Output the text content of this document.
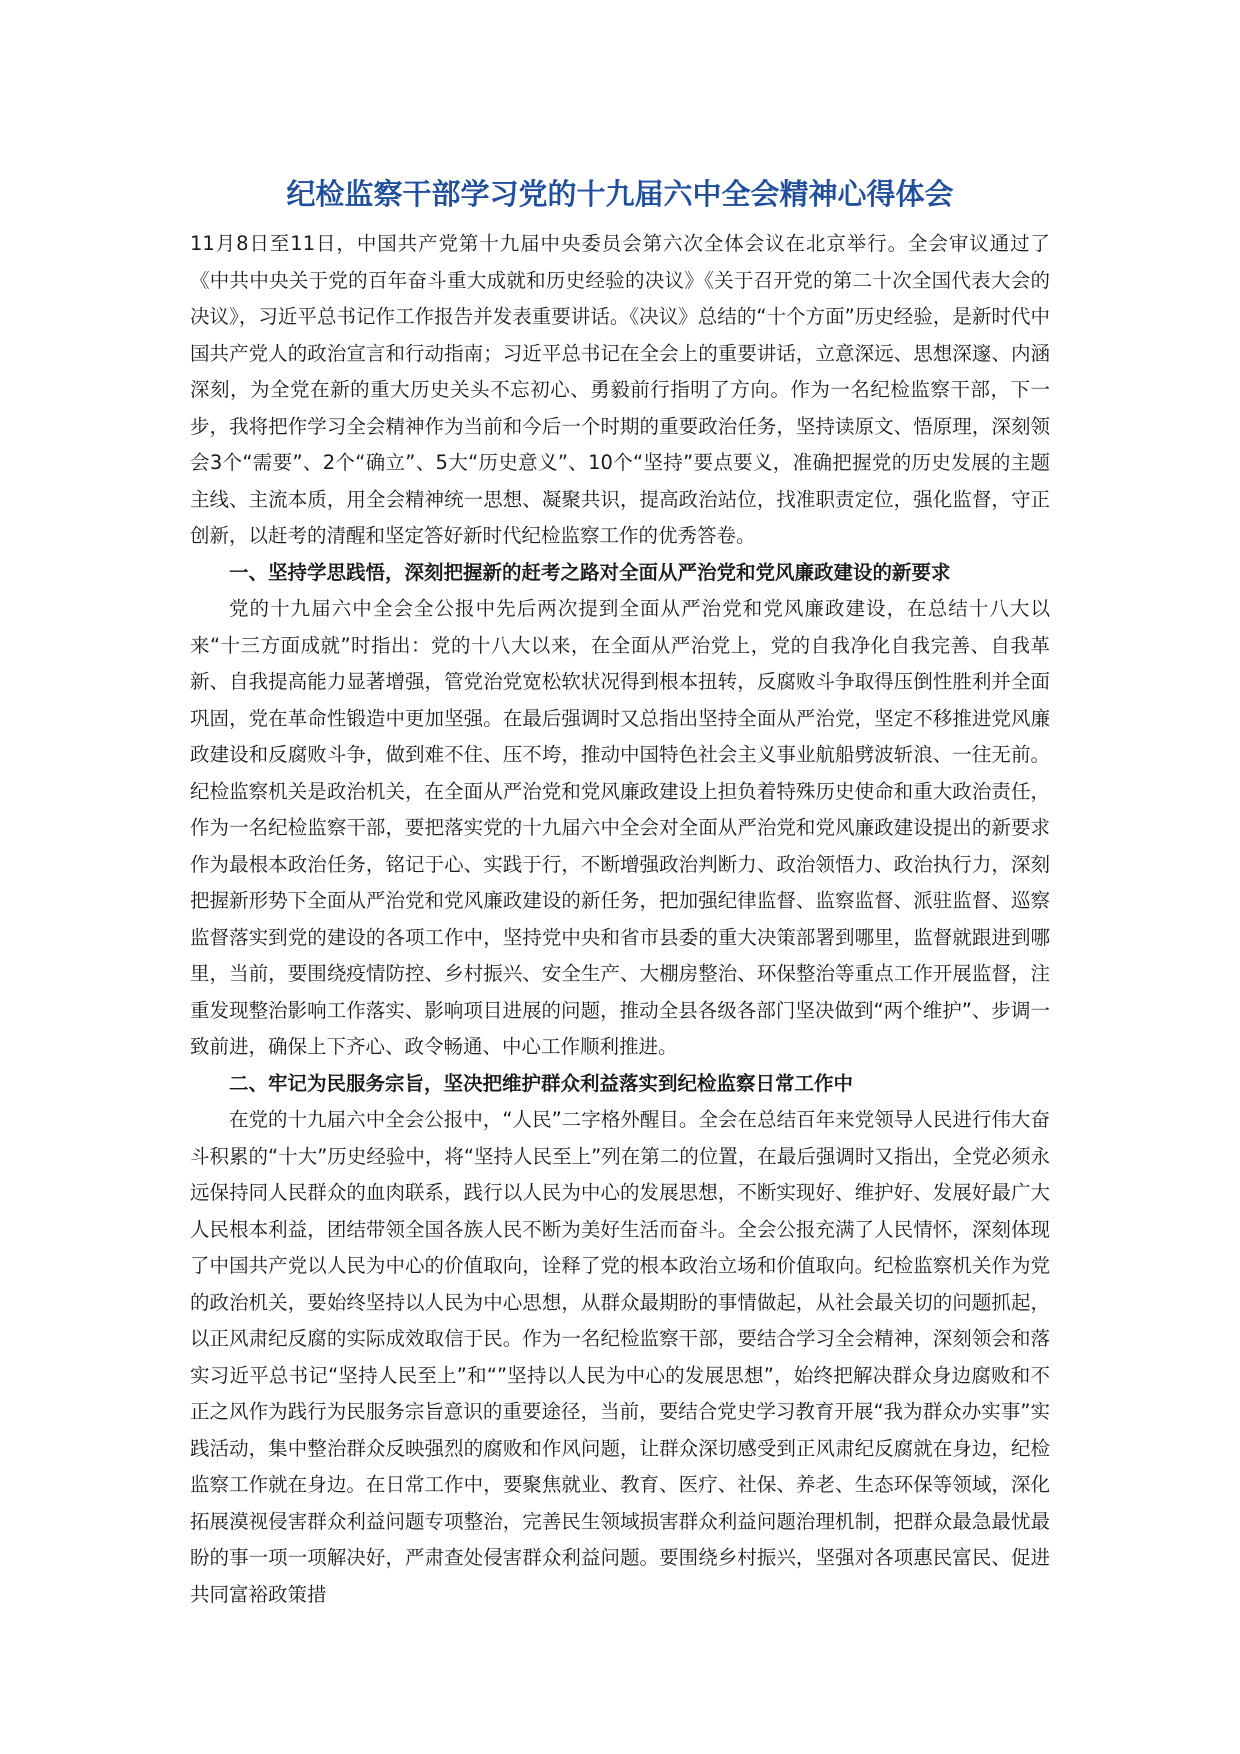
纪检监察干部学习党的十九届六中全会精神心得体会

11月8日至11日，中国共产党第十九届中央委员会第六次全体会议在北京举行。全会审议通过了《中共中央关于党的百年奋斗重大成就和历史经验的决议》《关于召开党的第二十次全国代表大会的决议》，习近平总书记作工作报告并发表重要讲话。《决议》总结的“十个方面”历史经验，是新时代中国共产党人的政治宣言和行动指南；习近平总书记在全会上的重要讲话，立意深远、思想深邃、内涵深刻，为全党在新的重大历史关头不忘初心、勇毅前行指明了方向。作为一名纪检监察干部，下一步，我将把作学习全会精神作为当前和今后一个时期的重要政治任务，坚持读原文、悟原理，深刻领会3个“需要”、2个“确立”、5大“历史意义”、10个“坚持”要点要义，准确把握党的历史发展的主题主线、主流本质，用全会精神统一思想、凝聚共识，提高政治站位，找准职责定位，强化监督，守正创新，以赶考的清醒和坚定答好新时代纪检监察工作的优秀答卷。

一、坚持学思践悟，深刻把握新的赶考之路对全面从严治党和党风廉政建设的新要求

党的十九届六中全会全公报中先后两次提到全面从严治党和党风廉政建设，在总结十八大以来“十三方面成就”时指出：党的十八大以来，在全面从严治党上，党的自我净化自我完善、自我革新、自我提高能力显著增强，管党治党宽松软状况得到根本扭转，反腐败斗争取得压倒性胜利并全面巩固，党在革命性锻造中更加坚强。在最后强调时又总指出坚持全面从严治党，坚定不移推进党风廉政建设和反腐败斗争，做到难不住、压不垮，推动中国特色社会主义事业航船劈波斩浪、一往无前。纪检监察机关是政治机关，在全面从严治党和党风廉政建设上担负着特殊历史使命和重大政治责任，作为一名纪检监察干部，要把落实党的十九届六中全会对全面从严治党和党风廉政建设提出的新要求作为最根本政治任务，铭记于心、实践于行，不断增强政治判断力、政治领悟力、政治执行力，深刻把握新形势下全面从严治党和党风廉政建设的新任务，把加强纪律监督、监察监督、派驻监督、巡察监督落实到党的建设的各项工作中，坚持党中央和省市县委的重大决策部署到哪里，监督就跟进到哪里，当前，要围绕疫情防控、乡村振兴、安全生产、大棚房整治、环保整治等重点工作开展监督，注重发现整治影响工作落实、影响项目进展的问题，推动全县各级各部门坚决做到“两个维护”、步调一致前进，确保上下齐心、政令畅通、中心工作顺利推进。

二、牢记为民服务宗旨，坚决把维护群众利益落实到纪检监察日常工作中

在党的十九届六中全会公报中，“人民”二字格外醒目。全会在总结百年来党领导人民进行伟大奋斗积累的“十大”历史经验中，将“坚持人民至上”列在第二的位置，在最后强调时又指出，全党必须永远保持同人民群众的血肉联系，践行以人民为中心的发展思想，不断实现好、维护好、发展好最广大人民根本利益，团结带领全国各族人民不断为美好生活而奋斗。全会公报充满了人民情怀，深刻体现了中国共产党以人民为中心的价值取向，诠释了党的根本政治立场和价值取向。纪检监察机关作为党的政治机关，要始终坚持以人民为中心思想，从群众最期盼的事情做起，从社会最关切的问题抓起，以正风肃纪反腐的实际成效取信于民。作为一名纪检监察干部，要结合学习全会精神，深刻领会和落实习近平总书记“坚持人民至上”和“”坚持以人民为中心的发展思想”，始终把解决群众身边腐败和不正之风作为践行为民服务宗旨意识的重要途径，当前，要结合党史学习教育开展“我为群众办实事”实践活动，集中整治群众反映强烈的腐败和作风问题，让群众深切感受到正风肃纪反腐就在身边，纪检监察工作就在身边。在日常工作中，要聚焦就业、教育、医疗、社保、养老、生态环保等领域，深化拓展漠视侵害群众利益问题专项整治，完善民生领域损害群众利益问题治理机制，把群众最急最忧最盼的事一项一项解决好，严肃查处侵害群众利益问题。要围绕乡村振兴，坚强对各项惠民富民、促进共同富裕政策措
